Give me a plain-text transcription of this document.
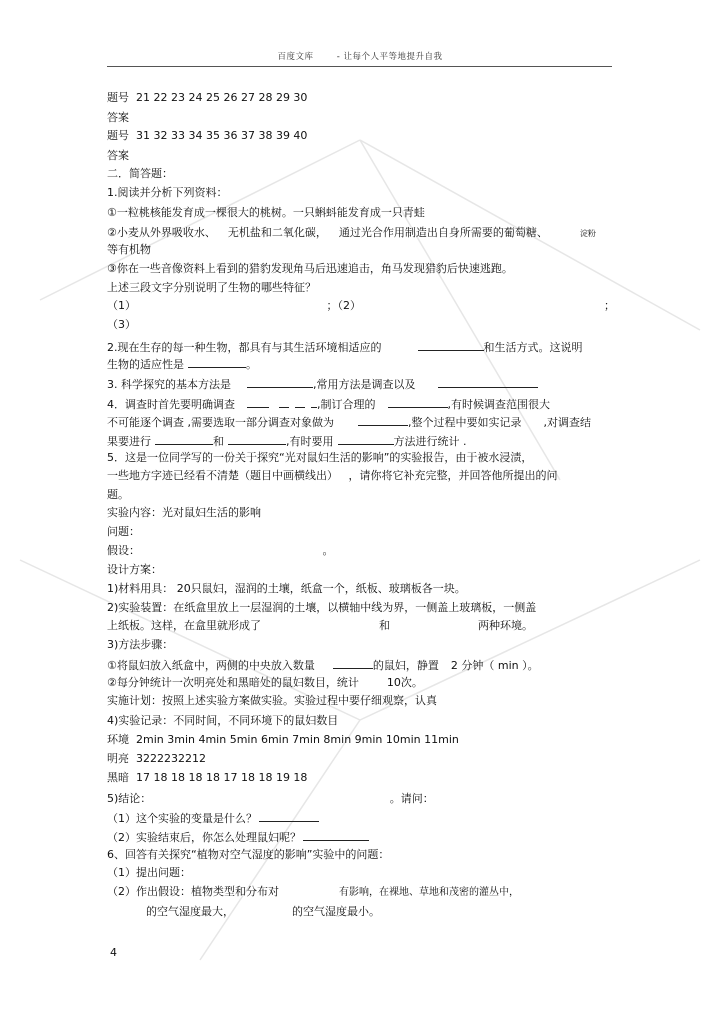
百度文库	- 让每个人平等地提升自我
题号  21 22 23 24 25 26 27 28 29 30
答案
题号  31 32 33 34 35 36 37 38 39 40
答案
二．简答题：
1.阅读并分析下列资料：
①一粒桃核能发育成一棵很大的桃树。一只蝌蚪能发育成一只青蛙
②小麦从外界吸收水、 无机盐和二氧化碳， 通过光合作用制造出自身所需要的葡萄糖、	淀粉
等有机物
③你在一些音像资料上看到的猎豹发现角马后迅速追击，角马发现猎豹后快速逃跑。
上述三段文字分别说明了生物的哪些特征？
（1）	；（2）	；
（3）
2.现在生存的每一种生物，都具有与其生活环境相适应的	和生活方式。这说明
生物的适应性是	。
3. 科学探究的基本方法是	,常用方法是调查以及
4．调查时首先要明确调查	,制订合理的	,有时候调查范围很大
不可能逐个调查 ,需要选取一部分调查对象做为	,整个过程中要如实记录 ,对调查结
果要进行	和	,有时要用	方法进行统计 .
5．这是一位同学写的一份关于探究“光对鼠妇生活的影响”的实验报告，由于被水浸渍，
一些地方字迹已经看不清楚（题目中画横线出） ，请你将它补充完整，并回答他所提出的问
题。
实验内容：光对鼠妇生活的影响
问题：
假设：	。
设计方案：
1)材料用具： 20只鼠妇，湿润的土壤，纸盒一个，纸板、玻璃板各一块。
2)实验装置：在纸盒里放上一层湿润的土壤，以横轴中线为界，一侧盖上玻璃板，一侧盖
上纸板。这样，在盒里就形成了	和	两种环境。
3)方法步骤：
①将鼠妇放入纸盒中，两侧的中央放入数量	的鼠妇，静置 2 分钟（ min ）。
②每分钟统计一次明亮处和黑暗处的鼠妇数目，统计	10次。
实施计划：按照上述实验方案做实验。实验过程中要仔细观察，认真
4)实验记录：不同时间，不同环境下的鼠妇数目
环境  2min 3min 4min 5min 6min 7min 8min 9min 10min 11min
明亮  3222232212
黑暗  17 18 18 18 18 17 18 18 19 18
5)结论：	。请问：
（1）这个实验的变量是什么？
（2）实验结束后，你怎么处理鼠妇呢？
6、回答有关探究“植物对空气湿度的影响”实验中的问题：
（1）提出问题：
（2）作出假设：植物类型和分布对	有影响，在裸地、草地和茂密的灌丛中，
的空气湿度最大，	的空气湿度最小。
4
